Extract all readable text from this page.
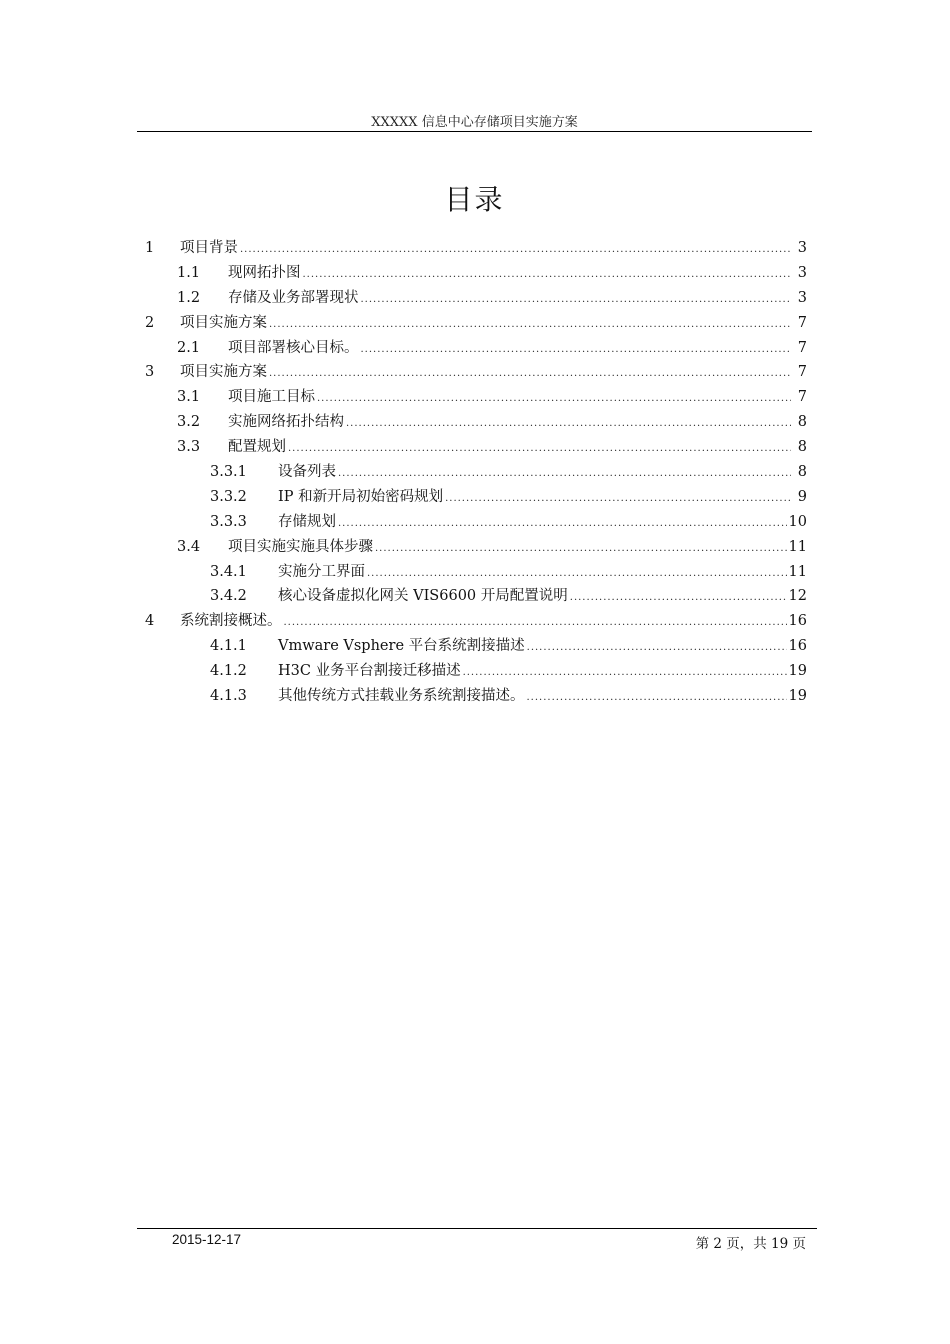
XXXXX 信息中心存储项目实施方案
目录
1	项目背景 .....	3
1.1	现网拓扑图 .....	3
1.2	存储及业务部署现状 .....	3
2	项目实施方案 .....	7
2.1	项目部署核心目标。 .....	7
3	项目实施方案 .....	7
3.1	项目施工目标 .....	7
3.2	实施网络拓扑结构 .....	8
3.3	配置规划 .....	8
3.3.1	设备列表 .....	8
3.3.2	IP 和新开局初始密码规划 .....	9
3.3.3	存储规划 .....	10
3.4	项目实施实施具体步骤 .....	11
3.4.1	实施分工界面 .....	11
3.4.2	核心设备虚拟化网关 VIS6600 开局配置说明 .....	12
4	系统割接概述。 .....	16
4.1.1	Vmware Vsphere 平台系统割接描述 .....	16
4.1.2	H3C 业务平台割接迁移描述 .....	19
4.1.3	其他传统方式挂载业务系统割接描述。 .....	19
2015-12-17	第 2 页，共 19 页
